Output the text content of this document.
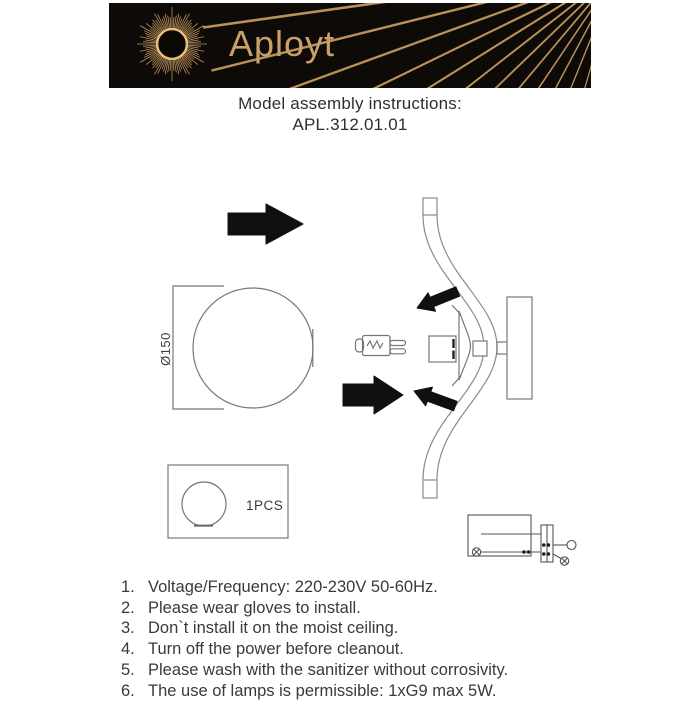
Aployt
Model assembly instructions:
APL.312.01.01
Ø150
1PCS
1. Voltage/Frequency: 220-230V 50-60Hz.
2. Please wear gloves to install.
3. Don`t install it on the moist ceiling.
4. Turn off the power before cleanout.
5. Please wash with the sanitizer without corrosivity.
6. The use of lamps is permissible: 1xG9 max 5W.
